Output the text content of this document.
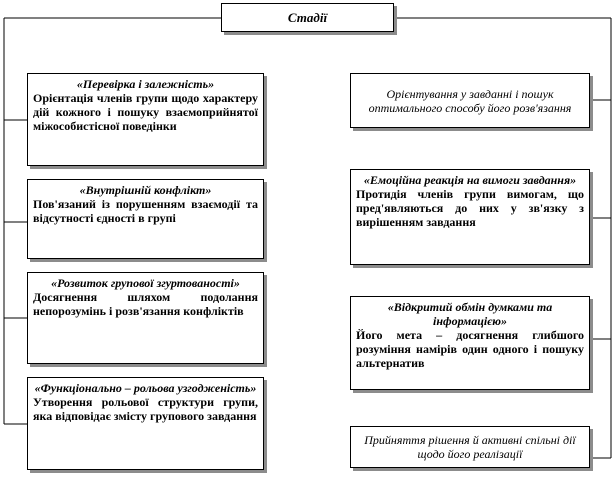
Стадії
«Перевірка і залежність»
Орієнтація членів групи щодо характеру дій кожного і пошуку взаємоприйнятої міжособистісної поведінки
«Внутрішній конфлікт»
Пов'язаний із порушенням взаємодії та відсутності єдності в групі
«Розвиток групової згуртованості»
Досягнення шляхом подолання непорозумінь і розв'язання конфліктів
«Функціонально – рольова узгодженість»
Утворення рольової структури групи, яка відповідає змісту групового завдання
Орієнтування у завданні і пошук оптимального способу його розв'язання
«Емоційна реакція на вимоги завдання»
Протидія членів групи вимогам, що пред'являються до них у зв'язку з вирішенням завдання
«Відкритий обмін думками та інформацією»
Його мета – досягнення глибшого розуміння намірів один одного і пошуку альтернатив
Прийняття рішення й активні спільні дії щодо його реалізації
